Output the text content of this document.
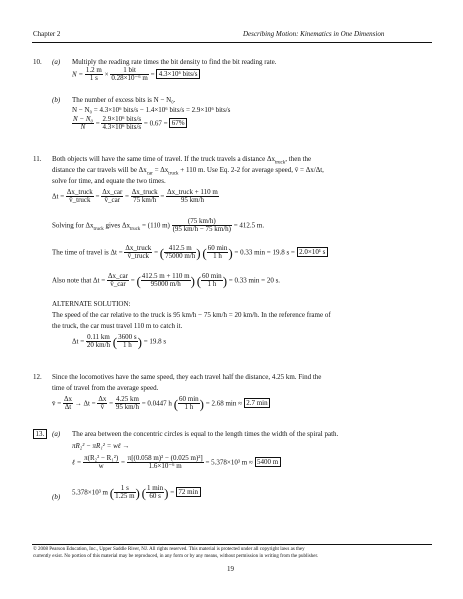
Chapter 2	Describing Motion: Kinematics in One Dimension
10. (a) Multiply the reading rate times the bit density to find the bit reading rate.
$N = \frac{1.2 m}{1 s} \times \frac{\text{1 bit}}{\text{0.28×10⁻⁶ m}} = 4.3\times 10^6$ bits/s
(b) The number of excess bits is N − N₀.
N − N₀ = 4.3×10⁶ bits/s − 1.4×10⁶ bits/s = 2.9×10⁶ bits/s
$\frac{\text{N − N₀}}{N} = \frac{\text{2.9×10⁶ bits/s}}{\text{4.3×10⁶ bits/s}} = 0.67 = 67\%$
11. Both objects will have the same time of travel. If the truck travels a distance $\Delta x_{truck}$, then the
distance the car travels will be $\Delta x_{car} = \Delta x_{truck} + 110$ m. Use Eq. 2-2 for average speed, v̄ = Δx/Δt,
solve for time, and equate the two times.
$\Delta t = \frac{\text{Δx\_truck}}{\text{v̄\_truck}} = \frac{\text{Δx\_car}}{\text{v̄\_car}} = \frac{\text{Δx\_truck}}{75 km/h} = \frac{\text{Δx\_truck + 110 m}}{95 km/h}$
Solving for $\Delta x_{truck}$ gives $\Delta x_{truck} = (110$ $m) \frac{(75 km/h)}{(95 km/h - 75 km/h)} = 412.5$ m.
The time of travel is $\Delta t = \frac{\text{Δx\_truck}}{\text{v̄\_truck}}$ = ( $\frac{412.5 m}{75000 m/h}$ ) ( $\frac{60 \min}{1 h}$ ) = 0.33 min = 19.8 s = 2.0×10¹ s
Also note that $\Delta t = \frac{\text{Δx\_car}}{\text{v̄\_car}}$ = ( $\frac{412.5 m + 110 m}{95000 m/h}$ ) ( $\frac{60 \min}{1 h}$ ) = 0.33 min = 20 s.
ALTERNATE SOLUTION:
The speed of the car relative to the truck is 95 km/h − 75 km/h = 20 km/h. In the reference frame of
the truck, the car must travel 110 m to catch it.
$\Delta t = \frac{0.11 km}{20 km/h}$ ( $\frac{3600 s}{1 h}$ ) = 19.8 s
12. Since the locomotives have the same speed, they each travel half the distance, 4.25 km. Find the
time of travel from the average speed.
v̄ = $\frac{\Delta x}{\Delta t} \to \Delta t = \frac{\Delta x}{v̄} = \frac{4.25 km}{95 km/h} = 0.0447$ h ( $\frac{60 \min}{1 h}$ ) = 2.68 min ≈ 2.7 min
13.	(a) The area between the concentric circles is equal to the length times the width of the spiral path.
πR₂² − πR₁² = wℓ →
ℓ = $\frac{\text{π(R₂² − R₁²)}}{w} = \frac{\text{π[(0.058 m)² − (0.025 m)²]}}{\text{1.6×10⁻⁶ m}} = 5.378\times 10^3$ m ≈ 5400 m
(b)
5.378×10³ m ( $\frac{1 s}{1.25 m}$ ) ( $\frac{1 \min}{60 s}$ ) = 72 min
© 2008 Pearson Education, Inc., Upper Saddle River, NJ. All rights reserved. This material is protected under all copyright laws as they
currently exist. No portion of this material may be reproduced, in any form or by any means, without permission in writing from the publisher.
19
